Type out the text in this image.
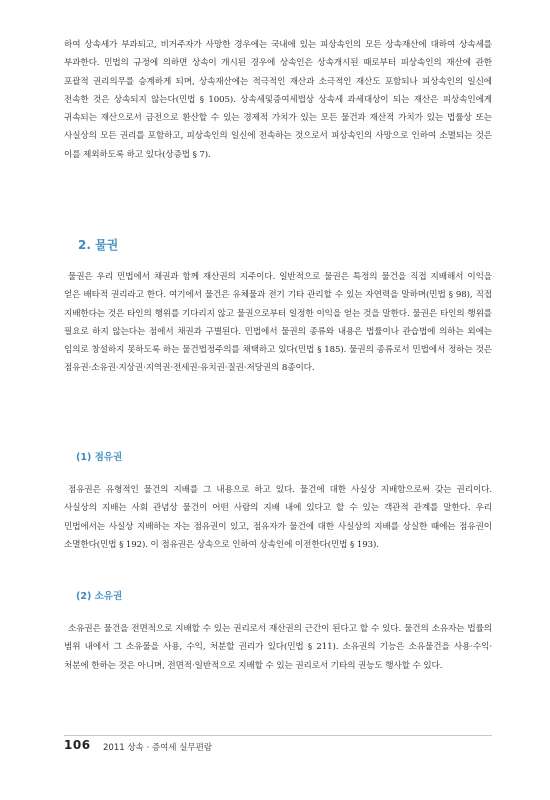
하여 상속세가 부과되고, 비거주자가 사망한 경우에는 국내에 있는 피상속인의 모든 상속재산에 대하여 상속세를 부과한다. 민법의 규정에 의하면 상속이 개시된 경우에 상속인은 상속개시된 때로부터 피상속인의 재산에 관한 포괄적 권리의무를 승계하게 되며, 상속재산에는 적극적인 재산과 소극적인 재산도 포함되나 피상속인의 일신에 전속한 것은 상속되지 않는다(민법 § 1005). 상속세및증여세법상 상속세 과세대상이 되는 재산은 피상속인에게 귀속되는 재산으로서 금전으로 환산할 수 있는 경제적 가치가 있는 모든 물건과 재산적 가치가 있는 법률상 또는 사실상의 모든 권리를 포함하고, 피상속인의 일신에 전속하는 것으로서 피상속인의 사망으로 인하여 소멸되는 것은 이를 제외하도록 하고 있다(상증법 § 7).

2. 물권

물권은 우리 민법에서 채권과 함께 재산권의 지주이다. 일반적으로 물권은 특정의 물건을 직접 지배해서 이익을 얻은 배타적 권리라고 한다. 여기에서 물건은 유체물과 전기 기타 관리할 수 있는 자연력을 말하며(민법 § 98), 직접 지배한다는 것은 타인의 행위를 기다리지 않고 물권으로부터 일정한 이익을 얻는 것을 말한다. 물권은 타인의 행위를 필요로 하지 않는다는 점에서 채권과 구별된다. 민법에서 물권의 종류와 내용은 법률이나 관습법에 의하는 외에는 임의로 창설하지 못하도록 하는 물건법정주의를 채택하고 있다(민법 § 185). 물권의 종류로서 민법에서 정하는 것은 점유권·소유권·지상권·지역권·전세권·유치권·질권·저당권의 8종이다.

(1) 점유권

점유권은 유형적인 물건의 지배를 그 내용으로 하고 있다. 물건에 대한 사실상 지배함으로써 갖는 권리이다. 사실상의 지배는 사회 관념상 물건이 어떤 사람의 지배 내에 있다고 할 수 있는 객관적 관계를 말한다. 우리 민법에서는 사실상 지배하는 자는 점유권이 있고, 점유자가 물건에 대한 사실상의 지배를 상실한 때에는 점유권이 소멸한다(민법 § 192). 이 점유권은 상속으로 인하여 상속인에 이전한다(민법 § 193).

(2) 소유권

소유권은 물건을 전면적으로 지배할 수 있는 권리로서 재산권의 근간이 된다고 할 수 있다. 물건의 소유자는 법률의 범위 내에서 그 소유물을 사용, 수익, 처분할 권리가 있다(민법 § 211). 소유권의 기능은 소유물건을 사용·수익·처분에 한하는 것은 아니며, 전면적·일반적으로 지배할 수 있는 권리로서 기타의 권능도 행사할 수 있다.

106 2011 상속 · 증여세 실무편람
